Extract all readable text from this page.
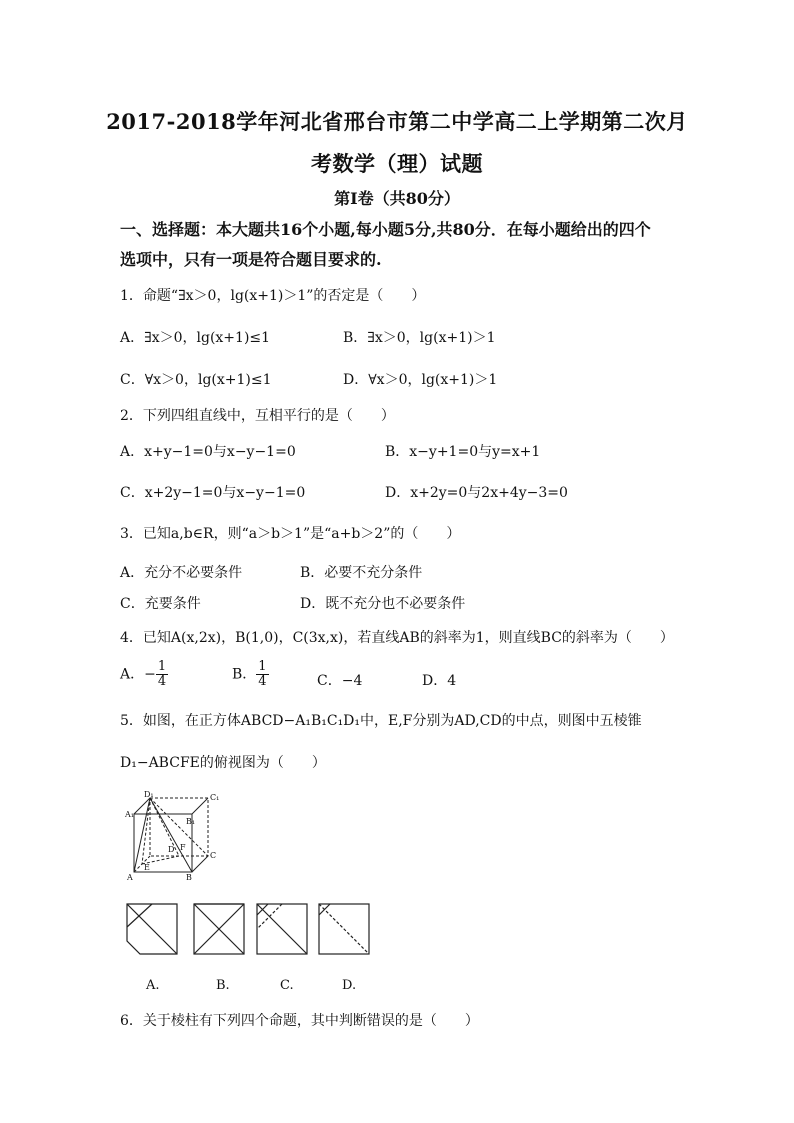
2017-2018学年河北省邢台市第二中学高二上学期第二次月
考数学（理）试题
第Ⅰ卷（共80分）
一、选择题：本大题共16个小题,每小题5分,共80分．在每小题给出的四个
选项中，只有一项是符合题目要求的.
1．命题“∃x＞0，lg(x+1)＞1”的否定是（　　）
A．∃x＞0，lg(x+1)≤1	B．∃x＞0，lg(x+1)＞1
C．∀x＞0，lg(x+1)≤1	D．∀x＞0，lg(x+1)＞1
2．下列四组直线中，互相平行的是（　　）
A．x+y−1=0与x−y−1=0	B．x−y+1=0与y=x+1
C．x+2y−1=0与x−y−1=0	D．x+2y=0与2x+4y−3=0
3．已知a,b∈R，则“a＞b＞1”是“a+b＞2”的（　　）
A．充分不必要条件	B．必要不充分条件
C．充要条件	D．既不充分也不必要条件
4．已知A(x,2x)，B(1,0)，C(3x,x)，若直线AB的斜率为1，则直线BC的斜率为（　　）
A．− $\frac{1}{4}$	B． $\frac{1}{4}$	C．−4	D．4
5．如图，在正方体ABCD−A₁B₁C₁D₁中，E,F分别为AD,CD的中点，则图中五棱锥
D₁−ABCFE的俯视图为（　　）
D₁	C₁
A₁
B₁
D F
C
E
A	B
A.	B.	C.	D.
6．关于棱柱有下列四个命题，其中判断错误的是（　　）
